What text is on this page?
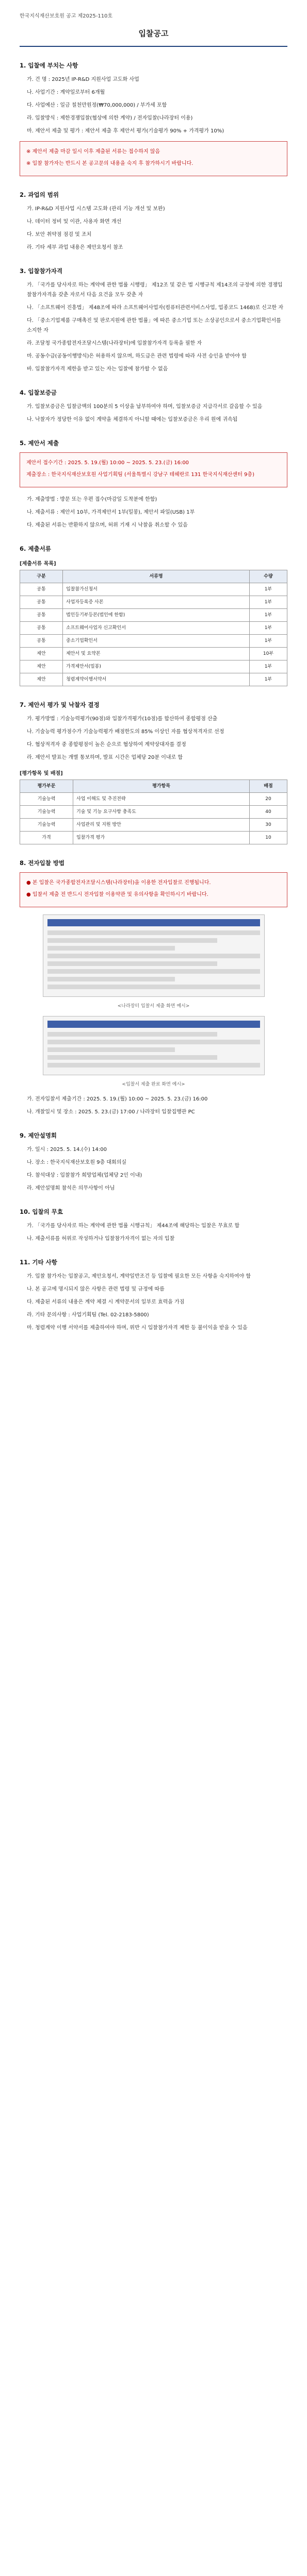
한국지식재산보호원 공고 제2025-110호
입찰공고
1. 입찰에 부치는 사항
가. 건 명 : 2025년 IP-R&D 지원사업 고도화 사업
나. 사업기간 : 계약일로부터 6개월
다. 사업예산 : 일금 칠천만원정(₩70,000,000) / 부가세 포함
라. 입찰방식 : 제한경쟁입찰(협상에 의한 계약) / 전자입찰(나라장터 이용)
마. 제안서 제출 및 평가 : 제안서 제출 후 제안서 평가(기술평가 90% + 가격평가 10%)
※ 제안서 제출 마감 일시 이후 제출된 서류는 접수하지 않음
※ 입찰 참가자는 반드시 본 공고문의 내용을 숙지 후 참가하시기 바랍니다.
2. 과업의 범위
가. IP-R&D 지원사업 시스템 고도화 (관리 기능 개선 및 보완)
나. 데이터 정비 및 이관, 사용자 화면 개선
다. 보안 취약점 점검 및 조치
라. 기타 세부 과업 내용은 제안요청서 참조
3. 입찰참가자격
가. 「국가를 당사자로 하는 계약에 관한 법률 시행령」 제12조 및 같은 법 시행규칙 제14조의 규정에 의한 경쟁입찰참가자격을 갖춘 자로서 다음 요건을 모두 갖춘 자
나. 「소프트웨어 진흥법」 제48조에 따라 소프트웨어사업자(컴퓨터관련서비스사업, 업종코드 1468)로 신고한 자
다. 「중소기업제품 구매촉진 및 판로지원에 관한 법률」에 따른 중소기업 또는 소상공인으로서 중소기업확인서를 소지한 자
라. 조달청 국가종합전자조달시스템(나라장터)에 입찰참가자격 등록을 필한 자
마. 공동수급(공동이행방식)은 허용하지 않으며, 하도급은 관련 법령에 따라 사전 승인을 받아야 함
바. 입찰참가자격 제한을 받고 있는 자는 입찰에 참가할 수 없음
4. 입찰보증금
가. 입찰보증금은 입찰금액의 100분의 5 이상을 납부하여야 하며, 입찰보증금 지급각서로 갈음할 수 있음
나. 낙찰자가 정당한 이유 없이 계약을 체결하지 아니할 때에는 입찰보증금은 우리 원에 귀속됨
5. 제안서 제출
제안서 접수기간 : 2025. 5. 19.(월) 10:00 ~ 2025. 5. 23.(금) 16:00
제출장소 : 한국지식재산보호원 사업기획팀 (서울특별시 강남구 테헤란로 131 한국지식재산센터 9층)
가. 제출방법 : 방문 또는 우편 접수(마감일 도착분에 한함)
나. 제출서류 : 제안서 10부, 가격제안서 1부(밀봉), 제안서 파일(USB) 1부
다. 제출된 서류는 반환하지 않으며, 허위 기재 시 낙찰을 취소할 수 있음
6. 제출서류
[제출서류 목록]
구분	서류명	수량
공통	입찰참가신청서	1부
공통	사업자등록증 사본	1부
공통	법인등기부등본(법인에 한함)	1부
공통	소프트웨어사업자 신고확인서	1부
공통	중소기업확인서	1부
제안	제안서 및 요약본	10부
제안	가격제안서(밀봉)	1부
제안	청렴계약이행서약서	1부
7. 제안서 평가 및 낙찰자 결정
가. 평가방법 : 기술능력평가(90점)와 입찰가격평가(10점)를 합산하여 종합평점 산출
나. 기술능력 평가점수가 기술능력평가 배점한도의 85% 이상인 자를 협상적격자로 선정
다. 협상적격자 중 종합평점이 높은 순으로 협상하여 계약상대자를 결정
라. 제안서 발표는 개별 통보하며, 발표 시간은 업체당 20분 이내로 함
[평가항목 및 배점]
평가부문	평가항목	배점
기술능력	사업 이해도 및 추진전략	20
기술능력	기술 및 기능 요구사항 충족도	40
기술능력	사업관리 및 지원 방안	30
가격	입찰가격 평가	10
8. 전자입찰 방법
● 본 입찰은 국가종합전자조달시스템(나라장터)을 이용한 전자입찰로 진행됩니다.
● 입찰서 제출 전 반드시 전자입찰 이용약관 및 유의사항을 확인하시기 바랍니다.
<나라장터 입찰서 제출 화면 예시>
<입찰서 제출 완료 화면 예시>
가. 전자입찰서 제출기간 : 2025. 5. 19.(월) 10:00 ~ 2025. 5. 23.(금) 16:00
나. 개찰일시 및 장소 : 2025. 5. 23.(금) 17:00 / 나라장터 입찰집행관 PC
9. 제안설명회
가. 일시 : 2025. 5. 14.(수) 14:00
나. 장소 : 한국지식재산보호원 9층 대회의실
다. 참석대상 : 입찰참가 희망업체(업체당 2인 이내)
라. 제안설명회 참석은 의무사항이 아님
10. 입찰의 무효
가. 「국가를 당사자로 하는 계약에 관한 법률 시행규칙」 제44조에 해당하는 입찰은 무효로 함
나. 제출서류를 허위로 작성하거나 입찰참가자격이 없는 자의 입찰
11. 기타 사항
가. 입찰 참가자는 입찰공고, 제안요청서, 계약일반조건 등 입찰에 필요한 모든 사항을 숙지하여야 함
나. 본 공고에 명시되지 않은 사항은 관련 법령 및 규정에 따름
다. 제출된 서류의 내용은 계약 체결 시 계약문서의 일부로 효력을 가짐
라. 기타 문의사항 : 사업기획팀 (Tel. 02-2183-5800)
마. 청렴계약 이행 서약서를 제출하여야 하며, 위반 시 입찰참가자격 제한 등 불이익을 받을 수 있음
